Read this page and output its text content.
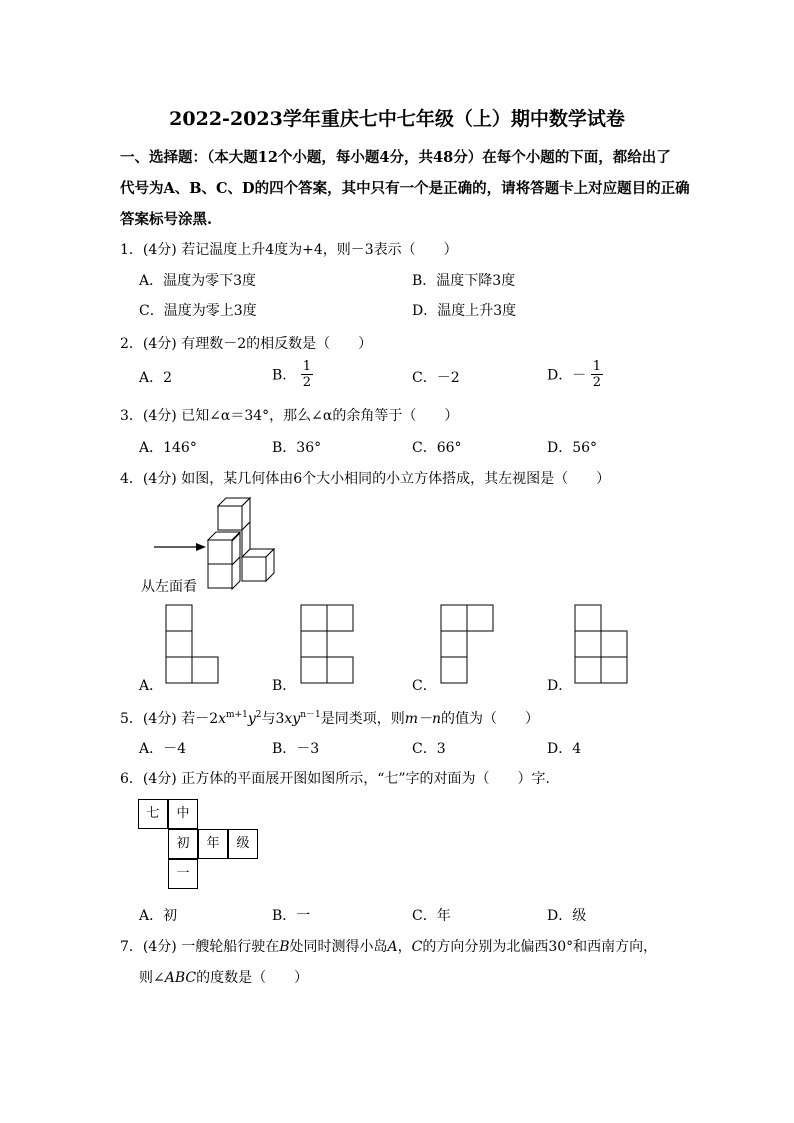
2022-2023学年重庆七中七年级（上）期中数学试卷
一、选择题：（本大题12个小题，每小题4分，共48分）在每个小题的下面，都给出了
代号为A、B、C、D的四个答案，其中只有一个是正确的，请将答题卡上对应题目的正确
答案标号涂黑.
1．(4分) 若记温度上升4度为+4，则－3表示（　　）
A．温度为零下3度	B．温度下降3度
C．温度为零上3度	D．温度上升3度
2．(4分) 有理数－2的相反数是（　　）
A．2	B． $\frac{1}{2}$	C．－2	D．－ $\frac{1}{2}$
3．(4分) 已知∠α＝34°，那么∠α的余角等于（　　）
A．146°	B．36°	C．66°	D．56°
4．(4分) 如图，某几何体由6个大小相同的小立方体搭成，其左视图是（　　）
从左面看
A．	B．	C．	D．
5．(4分) 若$-2x^{m+1}y^2$与$3xy^{n-1}$是同类项，则m－n的值为（　　）
A．－4	B．－3	C．3	D．4
6．(4分) 正方体的平面展开图如图所示，“七”字的对面为（　　）字.
七	中
初	年	级
一
A．初	B．一	C．年	D．级
7．(4分) 一艘轮船行驶在B处同时测得小岛A，C的方向分别为北偏西30°和西南方向，
则∠ABC的度数是（　　）
